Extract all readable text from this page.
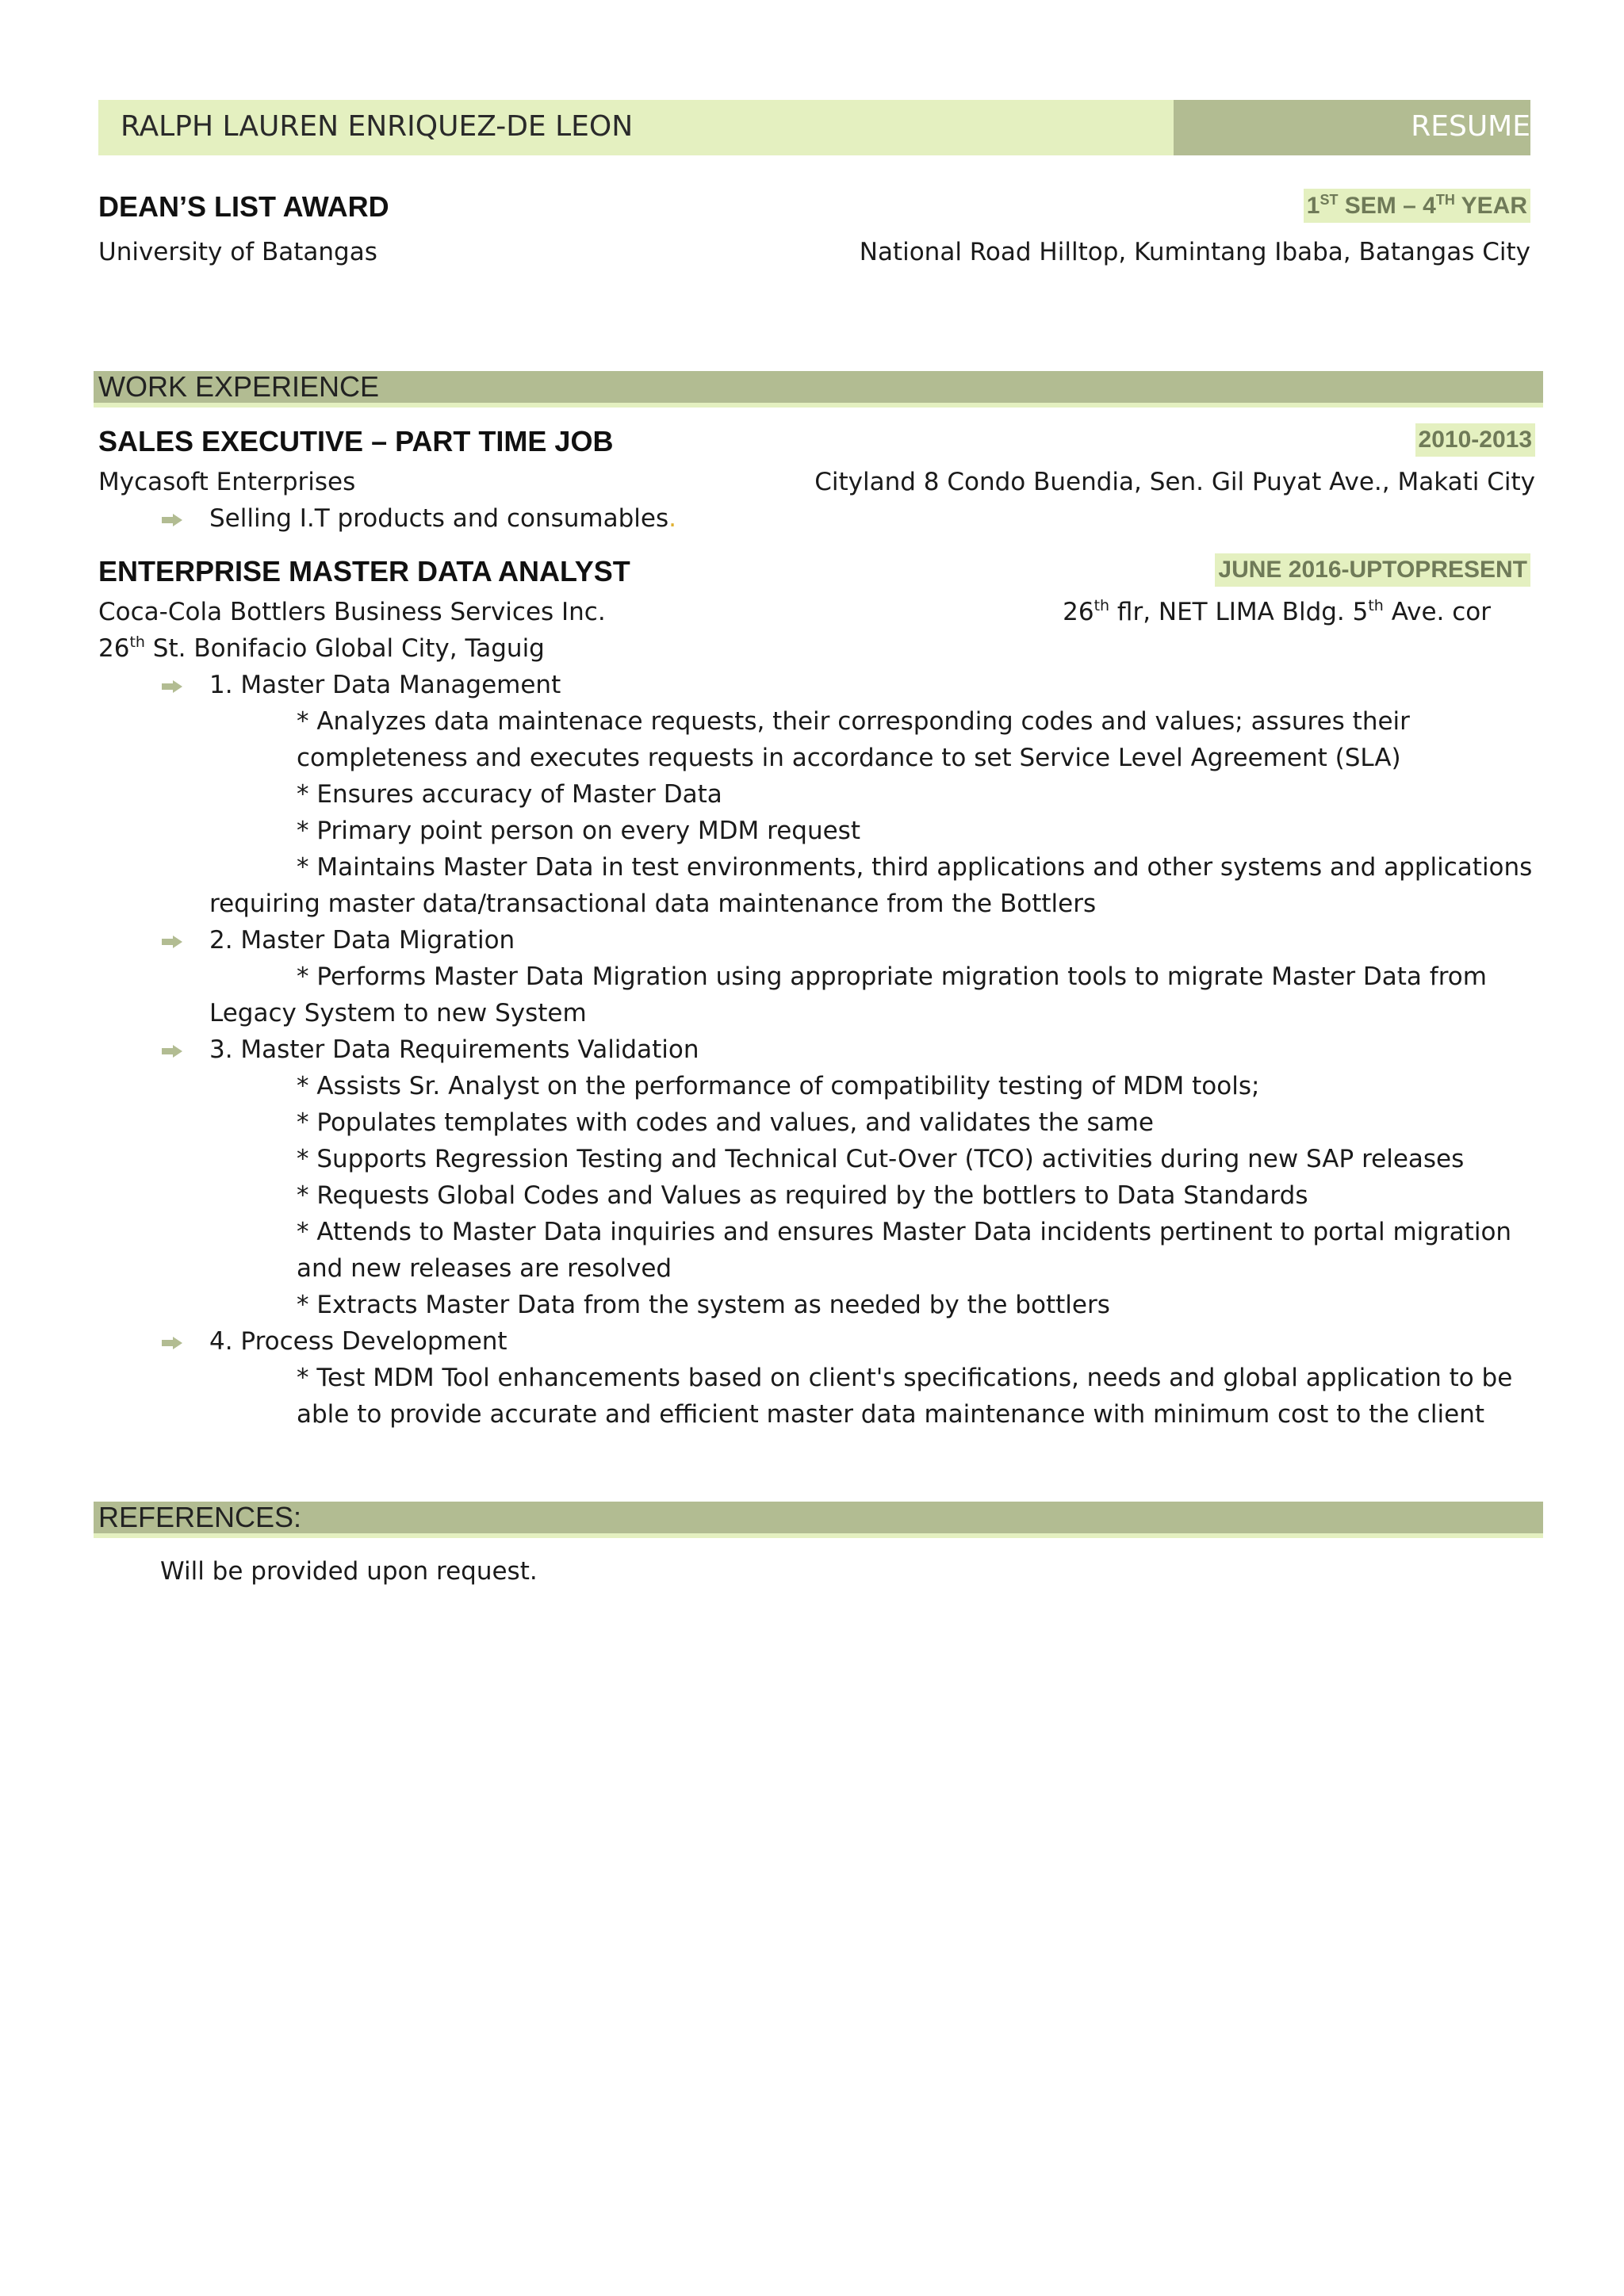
RALPH LAUREN ENRIQUEZ-DE LEON	RESUME
DEAN’S LIST AWARD	1ST SEM – 4TH YEAR
University of Batangas	National Road Hilltop, Kumintang Ibaba, Batangas City
WORK EXPERIENCE
SALES EXECUTIVE – PART TIME JOB	2010-2013
Mycasoft Enterprises	Cityland 8 Condo Buendia, Sen. Gil Puyat Ave., Makati City
Selling I.T products and consumables.
ENTERPRISE MASTER DATA ANALYST	JUNE 2016-UPTOPRESENT
Coca-Cola Bottlers Business Services Inc.	26th flr, NET LIMA Bldg. 5th Ave. cor
26th St. Bonifacio Global City, Taguig
1. Master Data Management
* Analyzes data maintenace requests, their corresponding codes and values; assures their
completeness and executes requests in accordance to set Service Level Agreement (SLA)
* Ensures accuracy of Master Data
* Primary point person on every MDM request
* Maintains Master Data in test environments, third applications and other systems and applications
requiring master data/transactional data maintenance from the Bottlers
2. Master Data Migration
* Performs Master Data Migration using appropriate migration tools to migrate Master Data from
Legacy System to new System
3. Master Data Requirements Validation
* Assists Sr. Analyst on the performance of compatibility testing of MDM tools;
* Populates templates with codes and values, and validates the same
* Supports Regression Testing and Technical Cut-Over (TCO) activities during new SAP releases
* Requests Global Codes and Values as required by the bottlers to Data Standards
* Attends to Master Data inquiries and ensures Master Data incidents pertinent to portal migration
and new releases are resolved
* Extracts Master Data from the system as needed by the bottlers
4. Process Development
* Test MDM Tool enhancements based on client's specifications, needs and global application to be
able to provide accurate and efficient master data maintenance with minimum cost to the client
REFERENCES:
Will be provided upon request.
